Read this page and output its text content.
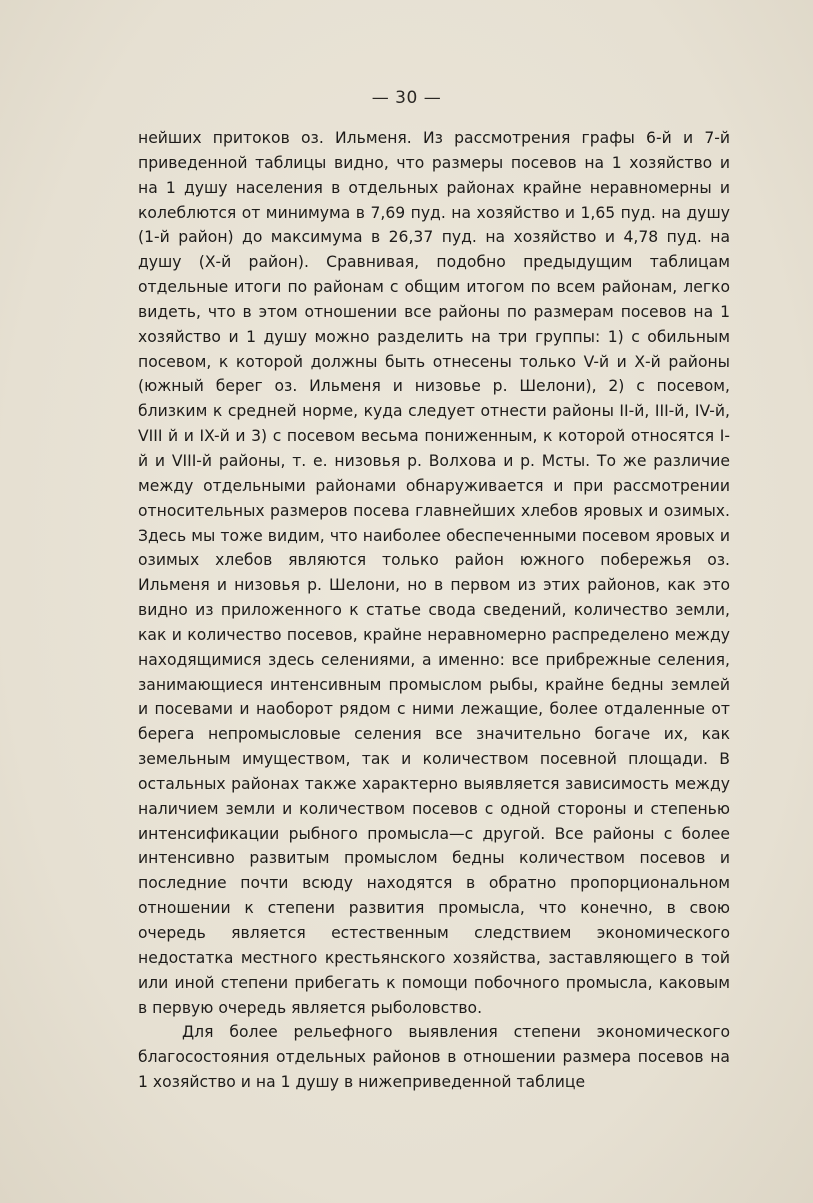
— 30 —

нейших притоков оз. Ильменя. Из рассмотрения графы 6-й и 7-й приведенной таблицы видно, что размеры посевов на 1 хозяйство и на 1 душу населения в отдельных районах крайне неравномерны и колеблются от минимума в 7,69 пуд. на хозяйство и 1,65 пуд. на душу (1-й район) до максимума в 26,37 пуд. на хозяйство и 4,78 пуд. на душу (Х-й район). Сравнивая, подобно предыдущим таблицам отдельные итоги по районам с общим итогом по всем районам, легко видеть, что в этом отношении все районы по размерам посевов на 1 хозяйство и 1 душу можно разделить на три группы: 1) с обильным посевом, к которой должны быть отнесены только V-й и Х-й районы (южный берег оз. Ильменя и низовье р. Шелони), 2) с посевом, близким к средней норме, куда следует отнести районы II-й, III-й, IV-й, VIII й и IX-й и 3) с посевом весьма пониженным, к которой относятся I-й и VIII-й районы, т. е. низовья р. Волхова и р. Мсты. То же различие между отдельными районами обнаруживается и при рассмотрении относительных размеров посева главнейших хлебов яровых и озимых. Здесь мы тоже видим, что наиболее обеспеченными посевом яровых и озимых хлебов являются только район южного побережья оз. Ильменя и низовья р. Шелони, но в первом из этих районов, как это видно из приложенного к статье свода сведений, количество земли, как и количество посевов, крайне неравномерно распределено между находящимися здесь селениями, а именно: все прибрежные селения, занимающиеся интенсивным промыслом рыбы, крайне бедны землей и посевами и наоборот рядом с ними лежащие, более отдаленные от берега непромысловые селения все значительно богаче их, как земельным имуществом, так и количеством посевной площади. В остальных районах также характерно выявляется зависимость между наличием земли и количеством посевов с одной стороны и степенью интенсификации рыбного промысла—с другой. Все районы с более интенсивно развитым промыслом бедны количеством посевов и последние почти всюду находятся в обратно пропорциональном отношении к степени развития промысла, что конечно, в свою очередь является естественным следствием экономического недостатка местного крестьянского хозяйства, заставляющего в той или иной степени прибегать к помощи побочного промысла, каковым в первую очередь является рыболовство.

Для более рельефного выявления степени экономического благосостояния отдельных районов в отношении размера посевов на 1 хозяйство и на 1 душу в нижеприведенной таблице
